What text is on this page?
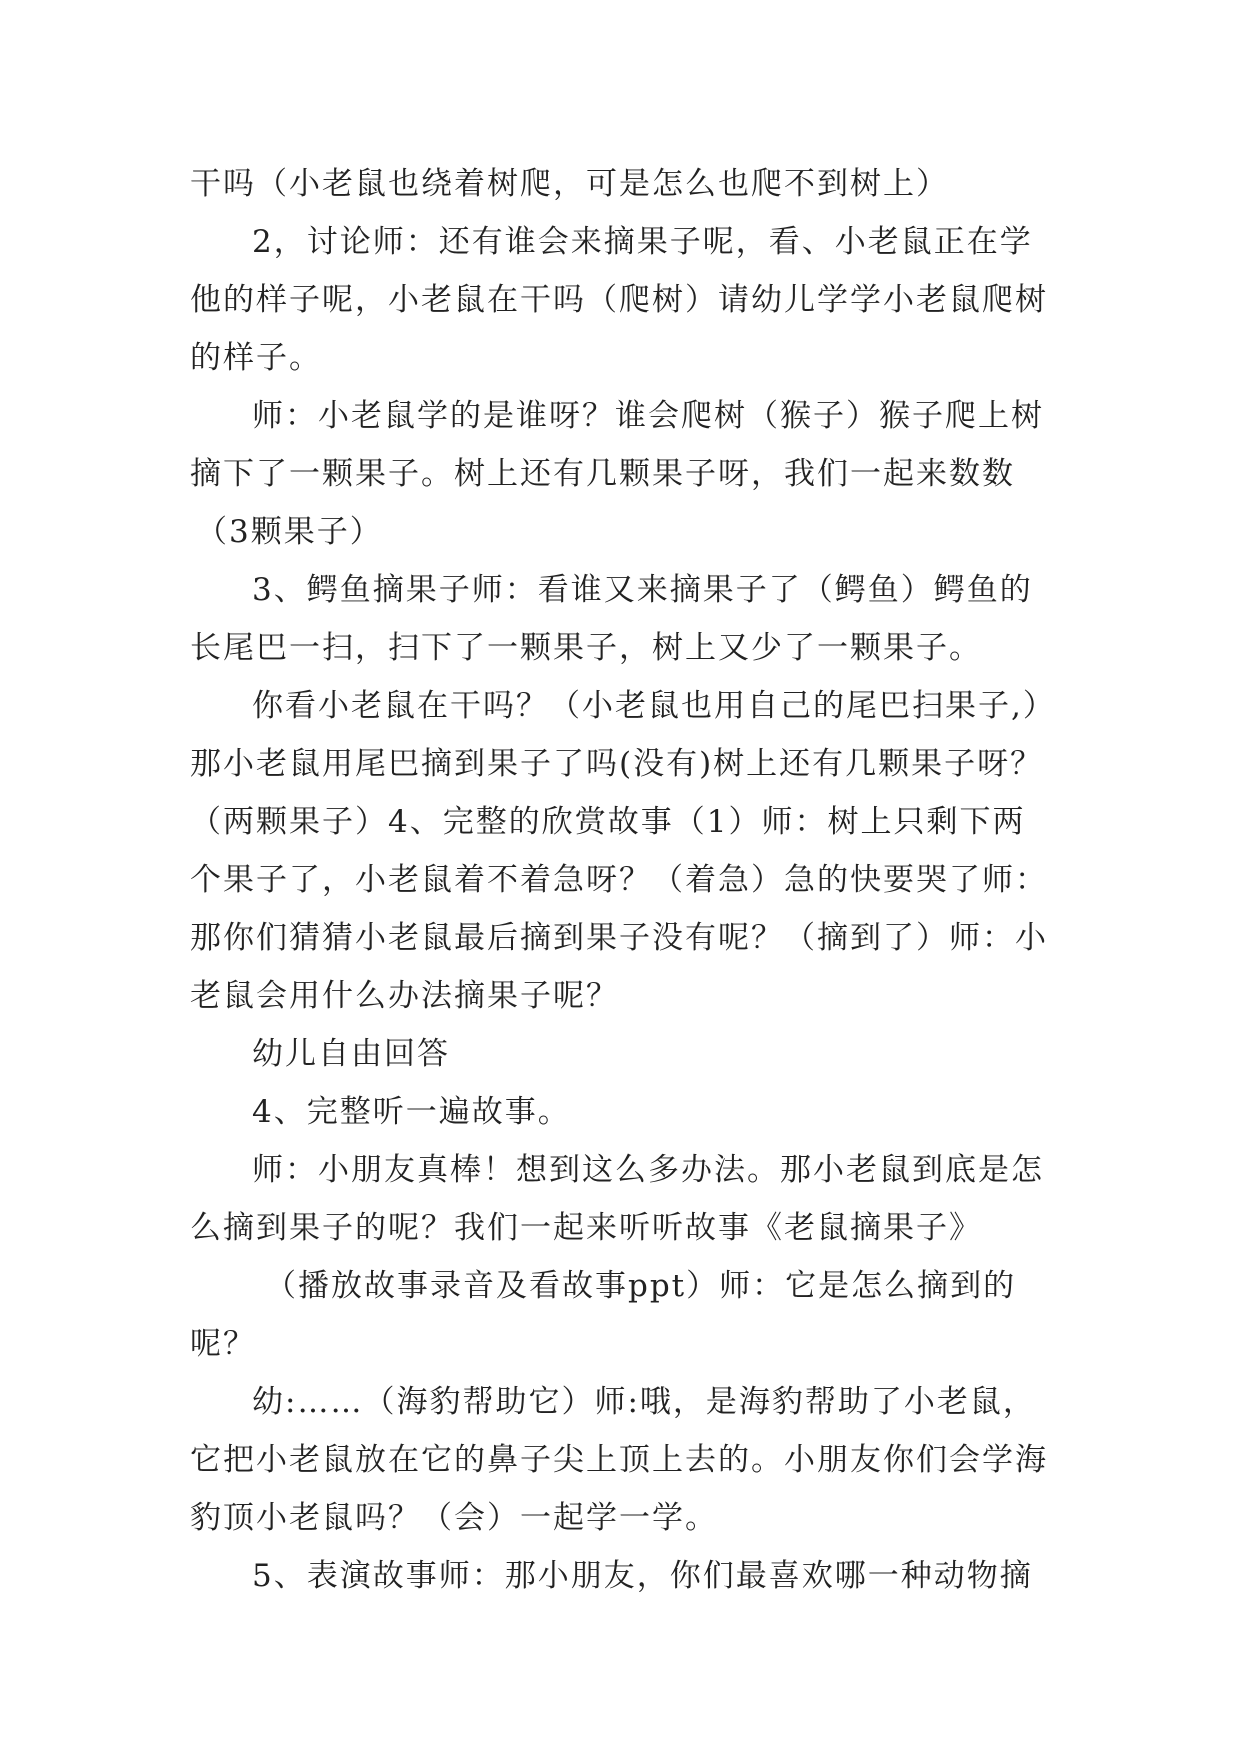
干吗（小老鼠也绕着树爬，可是怎么也爬不到树上）

2，讨论师：还有谁会来摘果子呢，看、小老鼠正在学他的样子呢，小老鼠在干吗（爬树）请幼儿学学小老鼠爬树的样子。

师：小老鼠学的是谁呀？谁会爬树（猴子）猴子爬上树摘下了一颗果子。树上还有几颗果子呀，我们一起来数数

（3颗果子）

3、鳄鱼摘果子师：看谁又来摘果子了（鳄鱼）鳄鱼的长尾巴一扫，扫下了一颗果子，树上又少了一颗果子。

你看小老鼠在干吗？（小老鼠也用自己的尾巴扫果子,）那小老鼠用尾巴摘到果子了吗(没有)树上还有几颗果子呀？（两颗果子）4、完整的欣赏故事（1）师：树上只剩下两个果子了，小老鼠着不着急呀？（着急）急的快要哭了师：那你们猜猜小老鼠最后摘到果子没有呢？（摘到了）师：小老鼠会用什么办法摘果子呢？

幼儿自由回答

4、完整听一遍故事。

师：小朋友真棒！想到这么多办法。那小老鼠到底是怎么摘到果子的呢？我们一起来听听故事《老鼠摘果子》

（播放故事录音及看故事ppt）师：它是怎么摘到的呢？

幼:……（海豹帮助它）师:哦，是海豹帮助了小老鼠，它把小老鼠放在它的鼻子尖上顶上去的。小朋友你们会学海豹顶小老鼠吗？（会）一起学一学。

5、表演故事师：那小朋友，你们最喜欢哪一种动物摘
